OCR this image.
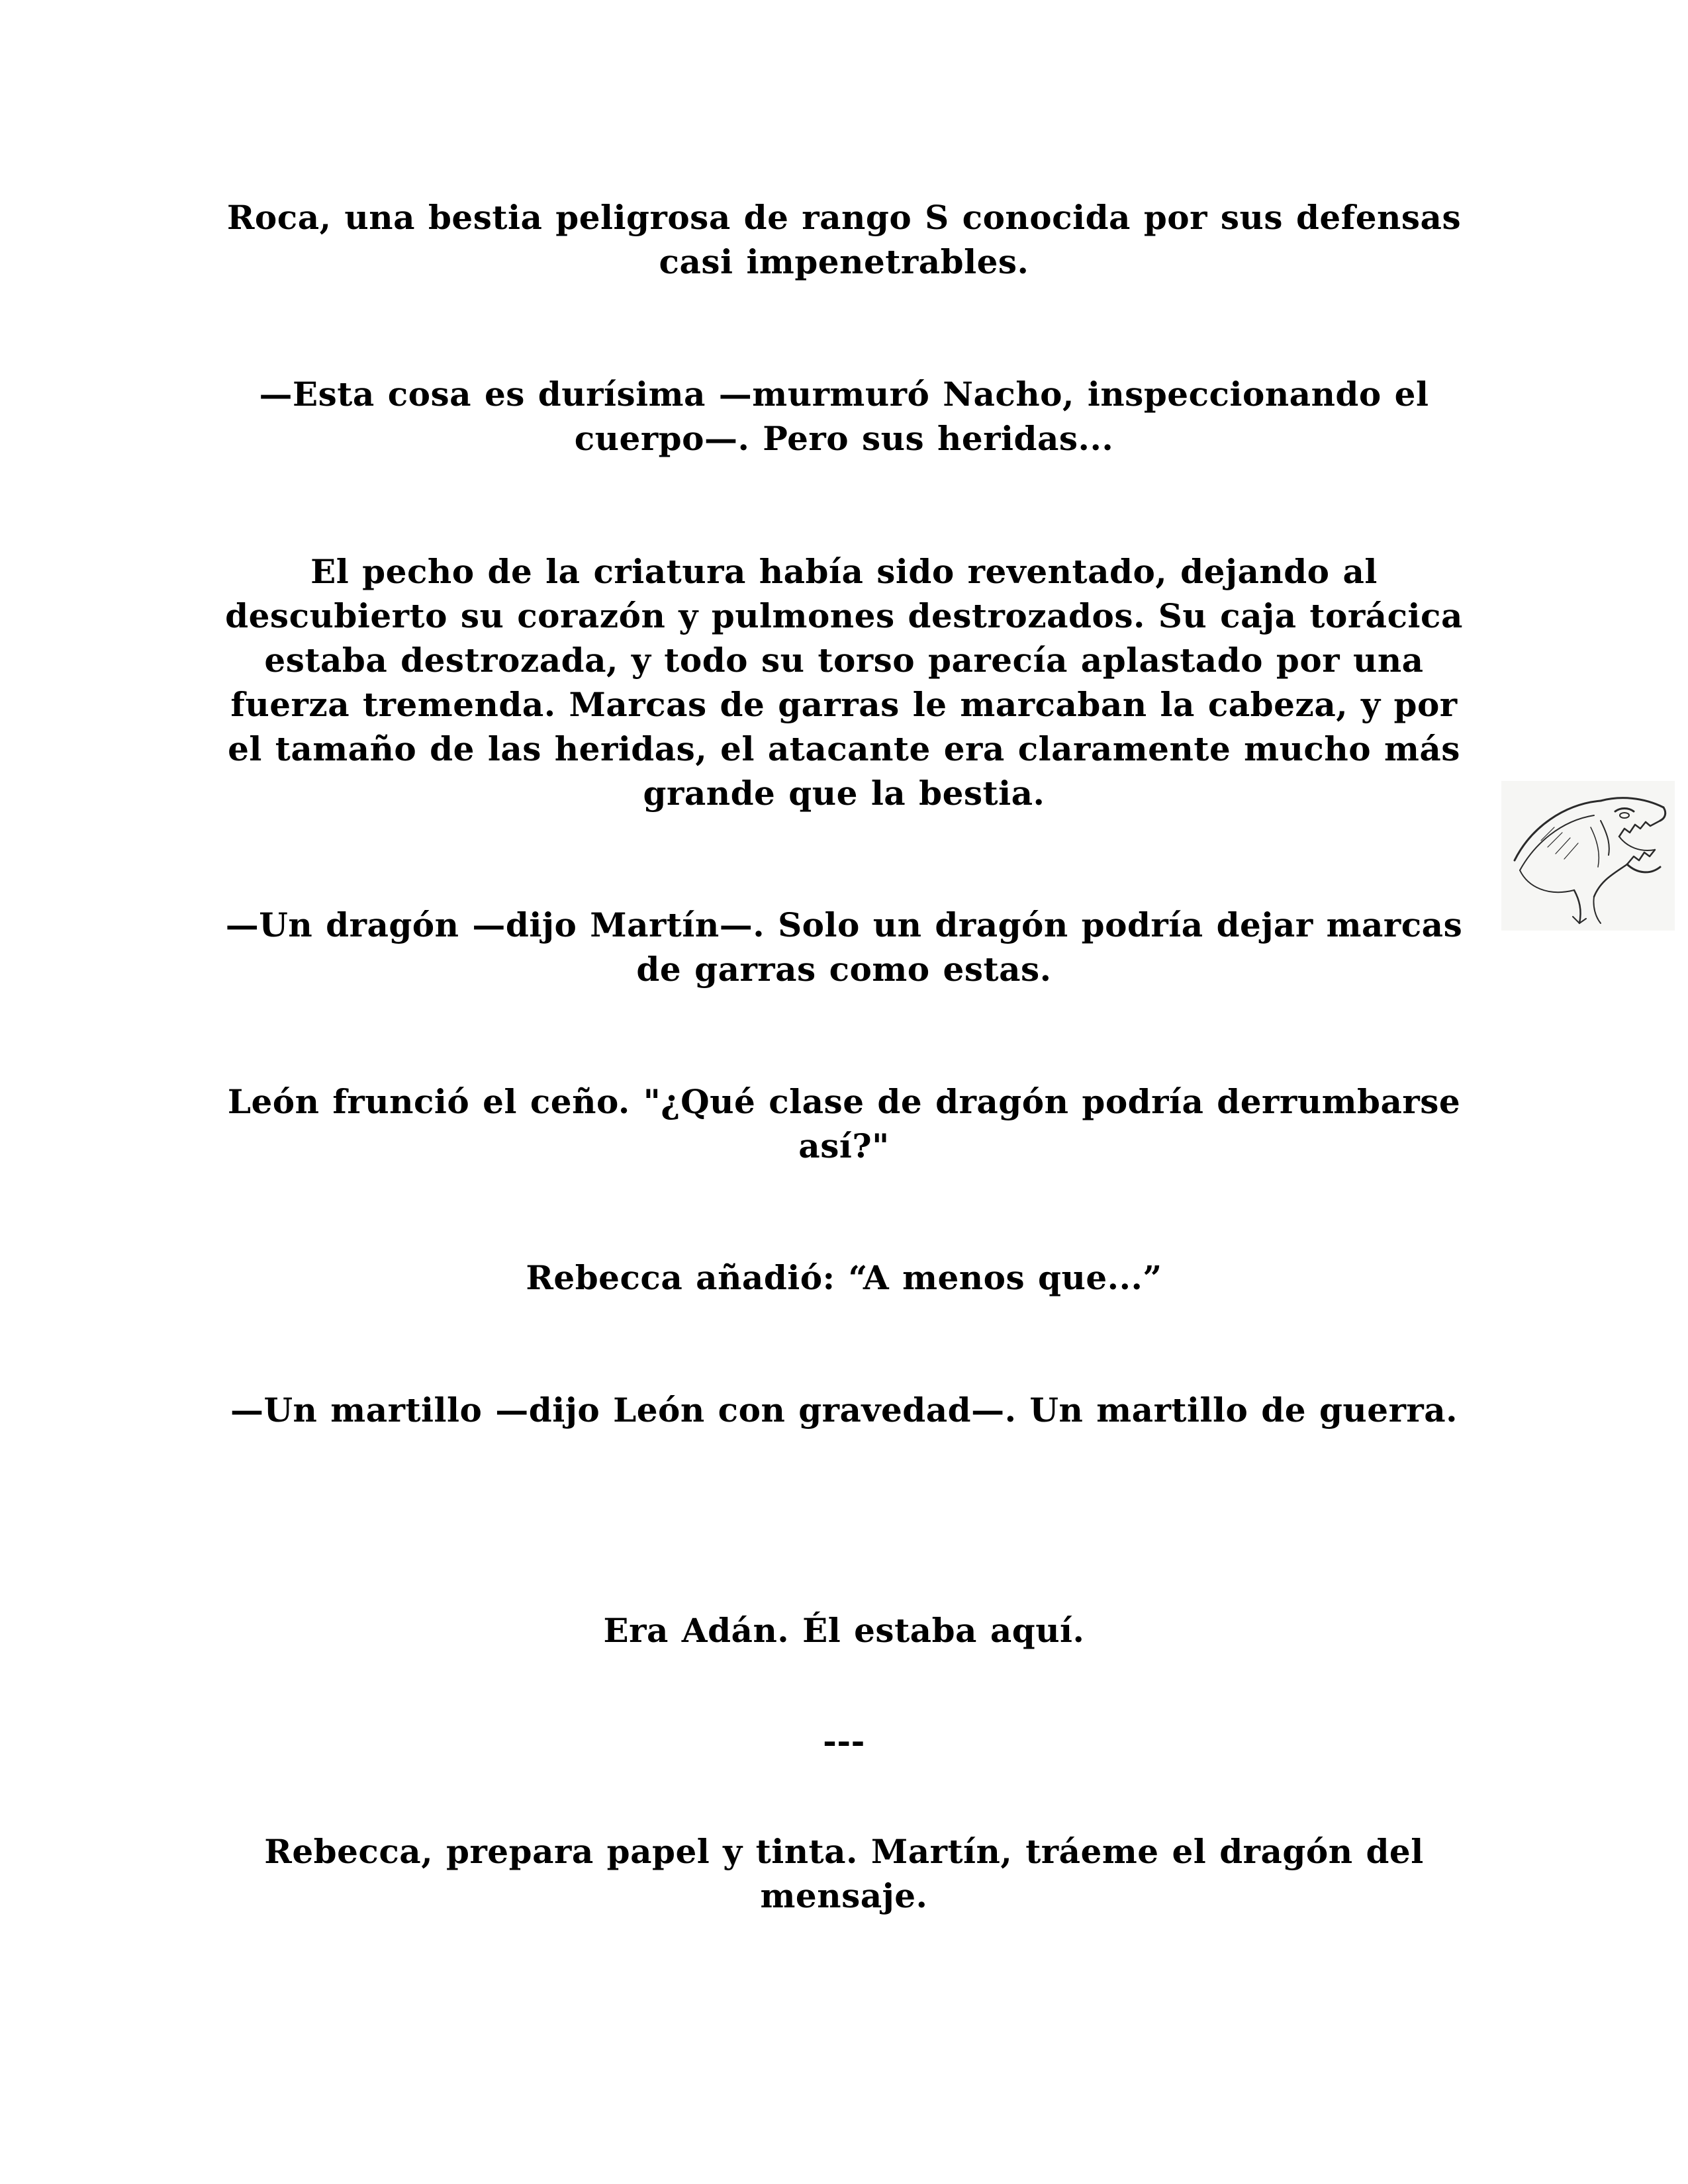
Roca, una bestia peligrosa de rango S conocida por sus defensas casi impenetrables.

—Esta cosa es durísima —murmuró Nacho, inspeccionando el cuerpo—. Pero sus heridas...

El pecho de la criatura había sido reventado, dejando al descubierto su corazón y pulmones destrozados. Su caja torácica estaba destrozada, y todo su torso parecía aplastado por una fuerza tremenda. Marcas de garras le marcaban la cabeza, y por el tamaño de las heridas, el atacante era claramente mucho más grande que la bestia.

—Un dragón —dijo Martín—. Solo un dragón podría dejar marcas de garras como estas.

León frunció el ceño. "¿Qué clase de dragón podría derrumbarse así?"

Rebecca añadió: “A menos que...”

—Un martillo —dijo León con gravedad—. Un martillo de guerra.

Era Adán. Él estaba aquí.

---

Rebecca, prepara papel y tinta. Martín, tráeme el dragón del mensaje.
